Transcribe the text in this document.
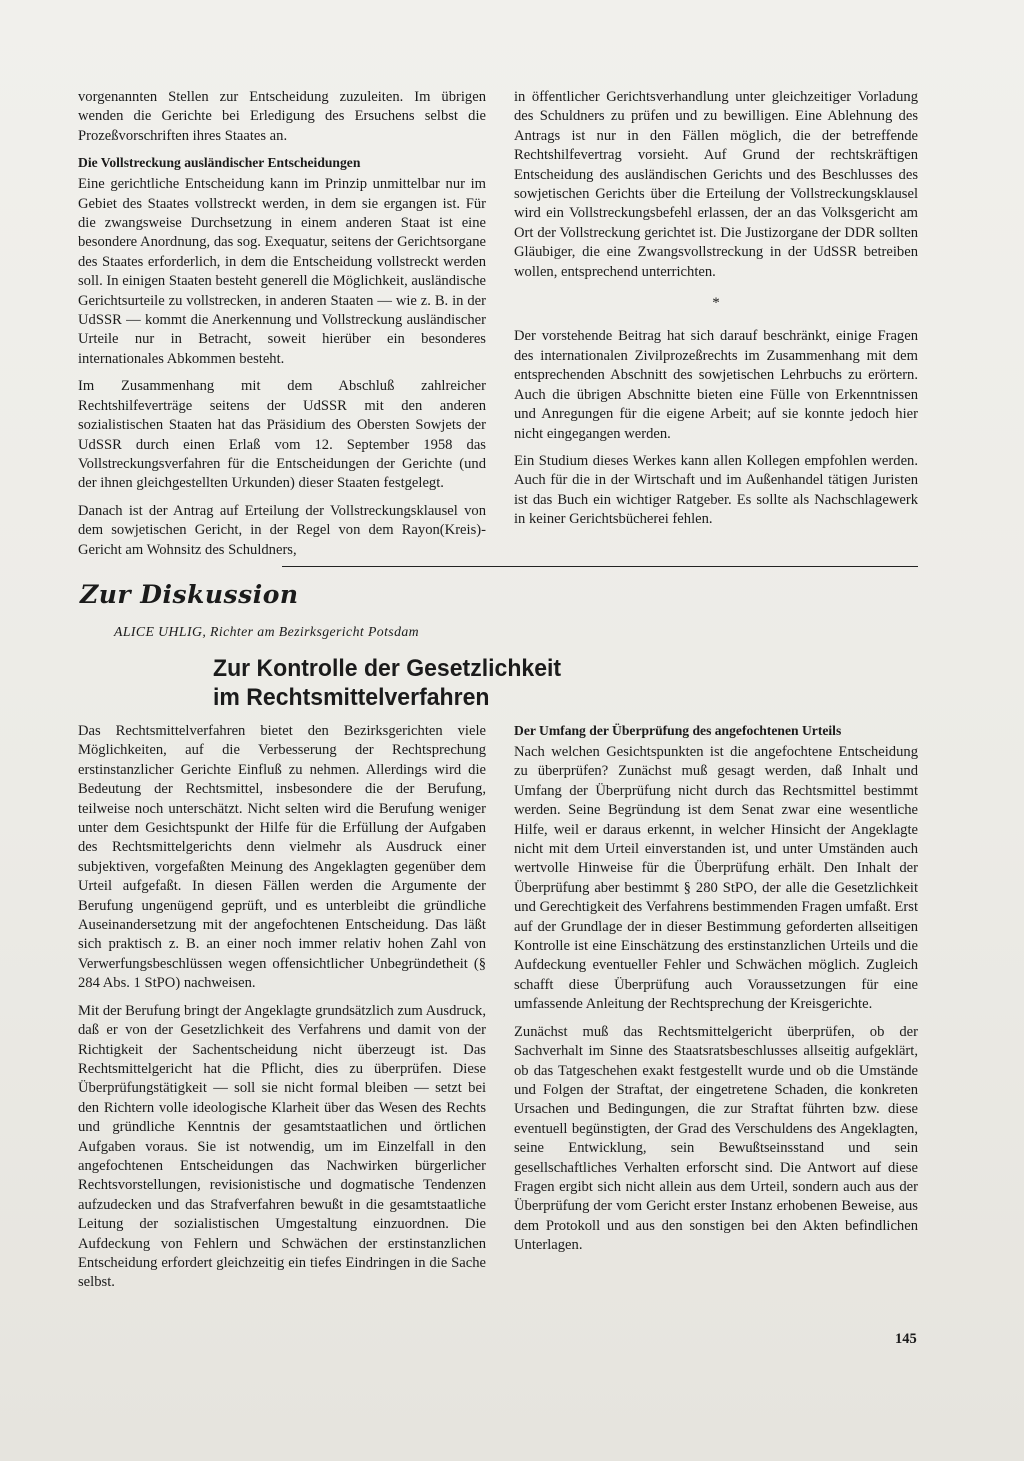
vorgenannten Stellen zur Entscheidung zuzuleiten. Im übrigen wenden die Gerichte bei Erledigung des Ersuchens selbst die Prozeßvorschriften ihres Staates an.

Die Vollstreckung ausländischer Entscheidungen

Eine gerichtliche Entscheidung kann im Prinzip unmittelbar nur im Gebiet des Staates vollstreckt werden, in dem sie ergangen ist. Für die zwangsweise Durchsetzung in einem anderen Staat ist eine besondere Anordnung, das sog. Exequatur, seitens der Gerichtsorgane des Staates erforderlich, in dem die Entscheidung vollstreckt werden soll. In einigen Staaten besteht generell die Möglichkeit, ausländische Gerichtsurteile zu vollstrecken, in anderen Staaten — wie z. B. in der UdSSR — kommt die Anerkennung und Vollstreckung ausländischer Urteile nur in Betracht, soweit hierüber ein besonderes internationales Abkommen besteht.

Im Zusammenhang mit dem Abschluß zahlreicher Rechtshilfeverträge seitens der UdSSR mit den anderen sozialistischen Staaten hat das Präsidium des Obersten Sowjets der UdSSR durch einen Erlaß vom 12. September 1958 das Vollstreckungsverfahren für die Entscheidungen der Gerichte (und der ihnen gleichgestellten Urkunden) dieser Staaten festgelegt.

Danach ist der Antrag auf Erteilung der Vollstreckungsklausel von dem sowjetischen Gericht, in der Regel von dem Rayon(Kreis)-Gericht am Wohnsitz des Schuldners,

in öffentlicher Gerichtsverhandlung unter gleichzeitiger Vorladung des Schuldners zu prüfen und zu bewilligen. Eine Ablehnung des Antrags ist nur in den Fällen möglich, die der betreffende Rechtshilfevertrag vorsieht. Auf Grund der rechtskräftigen Entscheidung des ausländischen Gerichts und des Beschlusses des sowjetischen Gerichts über die Erteilung der Vollstreckungsklausel wird ein Vollstreckungsbefehl erlassen, der an das Volksgericht am Ort der Vollstreckung gerichtet ist. Die Justizorgane der DDR sollten Gläubiger, die eine Zwangsvollstreckung in der UdSSR betreiben wollen, entsprechend unterrichten.

*

Der vorstehende Beitrag hat sich darauf beschränkt, einige Fragen des internationalen Zivilprozeßrechts im Zusammenhang mit dem entsprechenden Abschnitt des sowjetischen Lehrbuchs zu erörtern. Auch die übrigen Abschnitte bieten eine Fülle von Erkenntnissen und Anregungen für die eigene Arbeit; auf sie konnte jedoch hier nicht eingegangen werden.

Ein Studium dieses Werkes kann allen Kollegen empfohlen werden. Auch für die in der Wirtschaft und im Außenhandel tätigen Juristen ist das Buch ein wichtiger Ratgeber. Es sollte als Nachschlagewerk in keiner Gerichtsbücherei fehlen.

Zur Diskussion
ALICE UHLIG, Richter am Bezirksgericht Potsdam
Zur Kontrolle der Gesetzlichkeit
im Rechtsmittelverfahren

Das Rechtsmittelverfahren bietet den Bezirksgerichten viele Möglichkeiten, auf die Verbesserung der Rechtsprechung erstinstanzlicher Gerichte Einfluß zu nehmen. Allerdings wird die Bedeutung der Rechtsmittel, insbesondere die der Berufung, teilweise noch unterschätzt. Nicht selten wird die Berufung weniger unter dem Gesichtspunkt der Hilfe für die Erfüllung der Aufgaben des Rechtsmittelgerichts denn vielmehr als Ausdruck einer subjektiven, vorgefaßten Meinung des Angeklagten gegenüber dem Urteil aufgefaßt. In diesen Fällen werden die Argumente der Berufung ungenügend geprüft, und es unterbleibt die gründliche Auseinandersetzung mit der angefochtenen Entscheidung. Das läßt sich praktisch z. B. an einer noch immer relativ hohen Zahl von Verwerfungsbeschlüssen wegen offensichtlicher Unbegründetheit (§ 284 Abs. 1 StPO) nachweisen.

Mit der Berufung bringt der Angeklagte grundsätzlich zum Ausdruck, daß er von der Gesetzlichkeit des Verfahrens und damit von der Richtigkeit der Sachentscheidung nicht überzeugt ist. Das Rechtsmittelgericht hat die Pflicht, dies zu überprüfen. Diese Überprüfungstätigkeit — soll sie nicht formal bleiben — setzt bei den Richtern volle ideologische Klarheit über das Wesen des Rechts und gründliche Kenntnis der gesamtstaatlichen und örtlichen Aufgaben voraus. Sie ist notwendig, um im Einzelfall in den angefochtenen Entscheidungen das Nachwirken bürgerlicher Rechtsvorstellungen, revisionistische und dogmatische Tendenzen aufzudecken und das Strafverfahren bewußt in die gesamtstaatliche Leitung der sozialistischen Umgestaltung einzuordnen. Die Aufdeckung von Fehlern und Schwächen der erstinstanzlichen Entscheidung erfordert gleichzeitig ein tiefes Eindringen in die Sache selbst.

Der Umfang der Überprüfung des angefochtenen Urteils

Nach welchen Gesichtspunkten ist die angefochtene Entscheidung zu überprüfen? Zunächst muß gesagt werden, daß Inhalt und Umfang der Überprüfung nicht durch das Rechtsmittel bestimmt werden. Seine Begründung ist dem Senat zwar eine wesentliche Hilfe, weil er daraus erkennt, in welcher Hinsicht der Angeklagte nicht mit dem Urteil einverstanden ist, und unter Umständen auch wertvolle Hinweise für die Überprüfung erhält. Den Inhalt der Überprüfung aber bestimmt § 280 StPO, der alle die Gesetzlichkeit und Gerechtigkeit des Verfahrens bestimmenden Fragen umfaßt. Erst auf der Grundlage der in dieser Bestimmung geforderten allseitigen Kontrolle ist eine Einschätzung des erstinstanzlichen Urteils und die Aufdeckung eventueller Fehler und Schwächen möglich. Zugleich schafft diese Überprüfung auch Voraussetzungen für eine umfassende Anleitung der Rechtsprechung der Kreisgerichte.

Zunächst muß das Rechtsmittelgericht überprüfen, ob der Sachverhalt im Sinne des Staatsratsbeschlusses allseitig aufgeklärt, ob das Tatgeschehen exakt festgestellt wurde und ob die Umstände und Folgen der Straftat, der eingetretene Schaden, die konkreten Ursachen und Bedingungen, die zur Straftat führten bzw. diese eventuell begünstigten, der Grad des Verschuldens des Angeklagten, seine Entwicklung, sein Bewußtseinsstand und sein gesellschaftliches Verhalten erforscht sind. Die Antwort auf diese Fragen ergibt sich nicht allein aus dem Urteil, sondern auch aus der Überprüfung der vom Gericht erster Instanz erhobenen Beweise, aus dem Protokoll und aus den sonstigen bei den Akten befindlichen Unterlagen.

145
